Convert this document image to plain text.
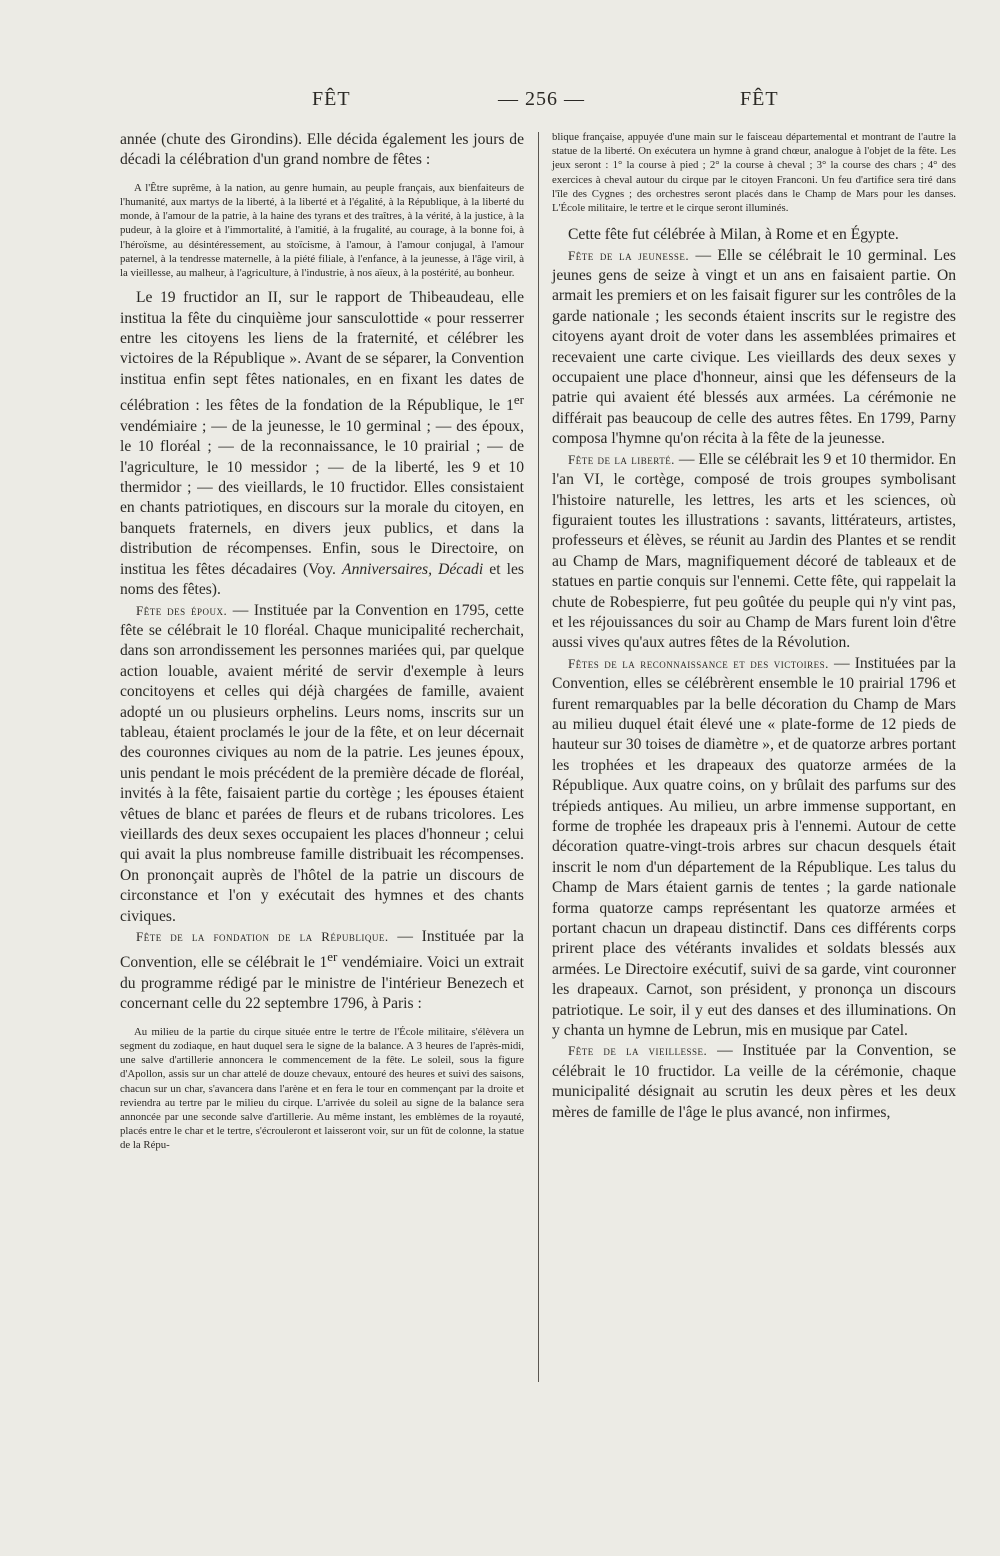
FÊT	— 256 —	FÊT

année (chute des Girondins). Elle décida également les jours de décadi la célébration d'un grand nombre de fêtes :

A l'Être suprême, à la nation, au genre humain, au peuple français, aux bienfaiteurs de l'humanité, aux martys de la liberté, à la liberté et à l'égalité, à la République, à la liberté du monde, à l'amour de la patrie, à la haine des tyrans et des traîtres, à la vérité, à la justice, à la pudeur, à la gloire et à l'immortalité, à l'amitié, à la frugalité, au courage, à la bonne foi, à l'héroïsme, au désintéressement, au stoïcisme, à l'amour, à l'amour conjugal, à l'amour paternel, à la tendresse maternelle, à la piété filiale, à l'enfance, à la jeunesse, à l'âge viril, à la vieillesse, au malheur, à l'agriculture, à l'industrie, à nos aïeux, à la postérité, au bonheur.

Le 19 fructidor an II, sur le rapport de Thibeaudeau, elle institua la fête du cinquième jour sansculottide « pour resserrer entre les citoyens les liens de la fraternité, et célébrer les victoires de la République ». Avant de se séparer, la Convention institua enfin sept fêtes nationales, en en fixant les dates de célébration : les fêtes de la fondation de la République, le 1er vendémiaire ; — de la jeunesse, le 10 germinal ; — des époux, le 10 floréal ; — de la reconnaissance, le 10 prairial ; — de l'agriculture, le 10 messidor ; — de la liberté, les 9 et 10 thermidor ; — des vieillards, le 10 fructidor. Elles consistaient en chants patriotiques, en discours sur la morale du citoyen, en banquets fraternels, en divers jeux publics, et dans la distribution de récompenses. Enfin, sous le Directoire, on institua les fêtes décadaires (Voy. Anniversaires, Décadi et les noms des fêtes).

Fête des époux. — Instituée par la Convention en 1795, cette fête se célébrait le 10 floréal. Chaque municipalité recherchait, dans son arrondissement les personnes mariées qui, par quelque action louable, avaient mérité de servir d'exemple à leurs concitoyens et celles qui déjà chargées de famille, avaient adopté un ou plusieurs orphelins. Leurs noms, inscrits sur un tableau, étaient proclamés le jour de la fête, et on leur décernait des couronnes civiques au nom de la patrie. Les jeunes époux, unis pendant le mois précédent de la première décade de floréal, invités à la fête, faisaient partie du cortège ; les épouses étaient vêtues de blanc et parées de fleurs et de rubans tricolores. Les vieillards des deux sexes occupaient les places d'honneur ; celui qui avait la plus nombreuse famille distribuait les récompenses. On prononçait auprès de l'hôtel de la patrie un discours de circonstance et l'on y exécutait des hymnes et des chants civiques.

Fête de la fondation de la République. — Instituée par la Convention, elle se célébrait le 1er vendémiaire. Voici un extrait du programme rédigé par le ministre de l'intérieur Benezech et concernant celle du 22 septembre 1796, à Paris :

Au milieu de la partie du cirque située entre le tertre de l'École militaire, s'élèvera un segment du zodiaque, en haut duquel sera le signe de la balance. A 3 heures de l'après-midi, une salve d'artillerie annoncera le commencement de la fête. Le soleil, sous la figure d'Apollon, assis sur un char attelé de douze chevaux, entouré des heures et suivi des saisons, chacun sur un char, s'avancera dans l'arène et en fera le tour en commençant par la droite et reviendra au tertre par le milieu du cirque. L'arrivée du soleil au signe de la balance sera annoncée par une seconde salve d'artillerie. Au même instant, les emblèmes de la royauté, placés entre le char et le tertre, s'écrouleront et laisseront voir, sur un fût de colonne, la statue de la Répu-

blique française, appuyée d'une main sur le faisceau départemental et montrant de l'autre la statue de la liberté. On exécutera un hymne à grand chœur, analogue à l'objet de la fête. Les jeux seront : 1° la course à pied ; 2° la course à cheval ; 3° la course des chars ; 4° des exercices à cheval autour du cirque par le citoyen Franconi. Un feu d'artifice sera tiré dans l'île des Cygnes ; des orchestres seront placés dans le Champ de Mars pour les danses. L'École militaire, le tertre et le cirque seront illuminés.

Cette fête fut célébrée à Milan, à Rome et en Égypte.

Fête de la jeunesse. — Elle se célébrait le 10 germinal. Les jeunes gens de seize à vingt et un ans en faisaient partie. On armait les premiers et on les faisait figurer sur les contrôles de la garde nationale ; les seconds étaient inscrits sur le registre des citoyens ayant droit de voter dans les assemblées primaires et recevaient une carte civique. Les vieillards des deux sexes y occupaient une place d'honneur, ainsi que les défenseurs de la patrie qui avaient été blessés aux armées. La cérémonie ne différait pas beaucoup de celle des autres fêtes. En 1799, Parny composa l'hymne qu'on récita à la fête de la jeunesse.

Fête de la liberté. — Elle se célébrait les 9 et 10 thermidor. En l'an VI, le cortège, composé de trois groupes symbolisant l'histoire naturelle, les lettres, les arts et les sciences, où figuraient toutes les illustrations : savants, littérateurs, artistes, professeurs et élèves, se réunit au Jardin des Plantes et se rendit au Champ de Mars, magnifiquement décoré de tableaux et de statues en partie conquis sur l'ennemi. Cette fête, qui rappelait la chute de Robespierre, fut peu goûtée du peuple qui n'y vint pas, et les réjouissances du soir au Champ de Mars furent loin d'être aussi vives qu'aux autres fêtes de la Révolution.

Fêtes de la reconnaissance et des victoires. — Instituées par la Convention, elles se célébrèrent ensemble le 10 prairial 1796 et furent remarquables par la belle décoration du Champ de Mars au milieu duquel était élevé une « plate-forme de 12 pieds de hauteur sur 30 toises de diamètre », et de quatorze arbres portant les trophées et les drapeaux des quatorze armées de la République. Aux quatre coins, on y brûlait des parfums sur des trépieds antiques. Au milieu, un arbre immense supportant, en forme de trophée les drapeaux pris à l'ennemi. Autour de cette décoration quatre-vingt-trois arbres sur chacun desquels était inscrit le nom d'un département de la République. Les talus du Champ de Mars étaient garnis de tentes ; la garde nationale forma quatorze camps représentant les quatorze armées et portant chacun un drapeau distinctif. Dans ces différents corps prirent place des vétérants invalides et soldats blessés aux armées. Le Directoire exécutif, suivi de sa garde, vint couronner les drapeaux. Carnot, son président, y prononça un discours patriotique. Le soir, il y eut des danses et des illuminations. On y chanta un hymne de Lebrun, mis en musique par Catel.

Fête de la vieillesse. — Instituée par la Convention, se célébrait le 10 fructidor. La veille de la cérémonie, chaque municipalité désignait au scrutin les deux pères et les deux mères de famille de l'âge le plus avancé, non infirmes,
